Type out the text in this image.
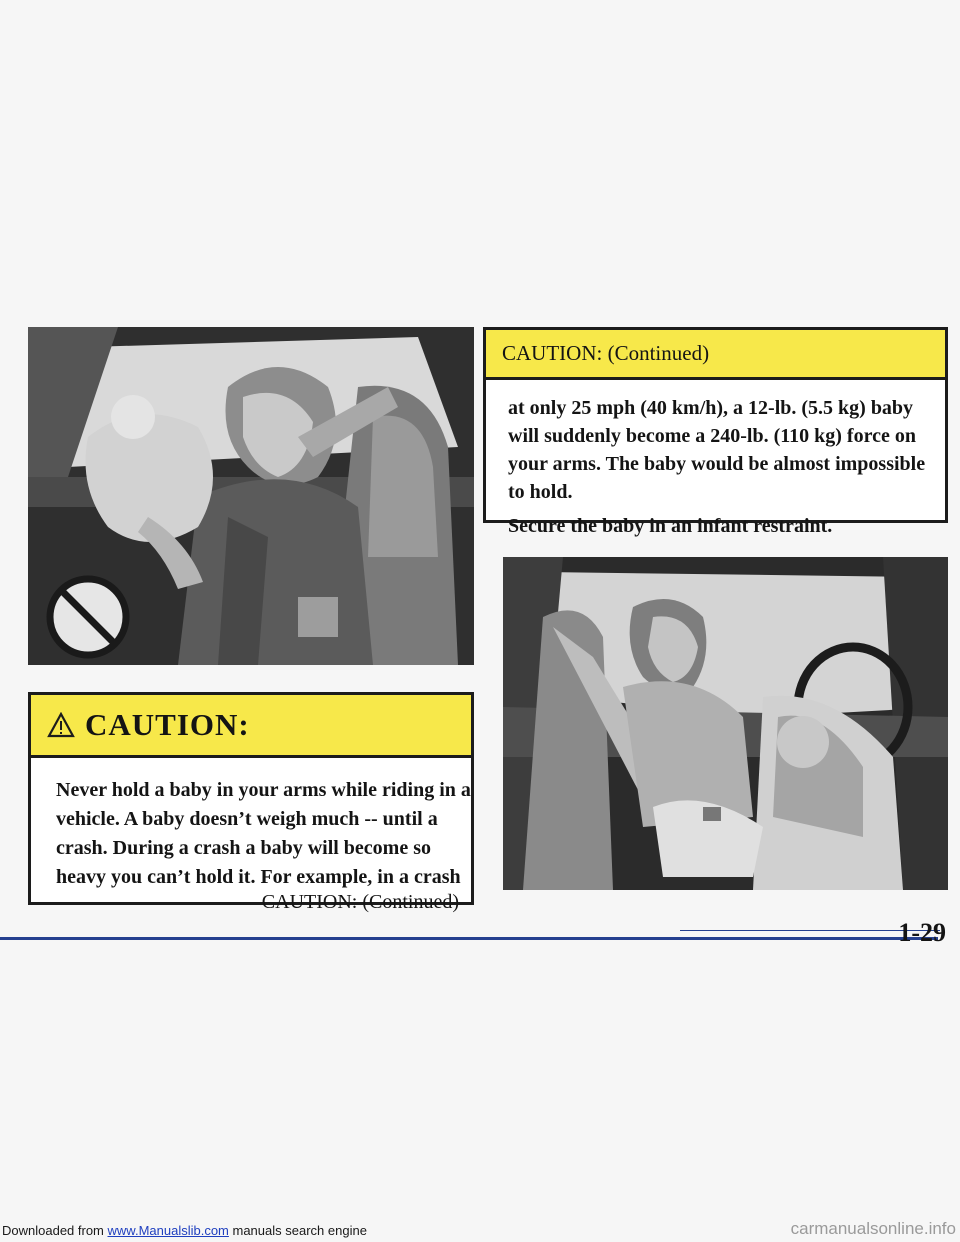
CAUTION:
Never hold a baby in your arms while riding in a
vehicle. A baby doesn’t weigh much -- until a
crash. During a crash a baby will become so
heavy you can’t hold it. For example, in a crash
CAUTION: (Continued)
CAUTION: (Continued)

at only 25 mph (40 km/h), a 12-lb. (5.5 kg) baby
will suddenly become a 240-lb. (110 kg) force on
your arms. The baby would be almost impossible
to hold.

Secure the baby in an infant restraint.

1-29
Downloaded from www.Manualslib.com manuals search engine	carmanualsonline.info
